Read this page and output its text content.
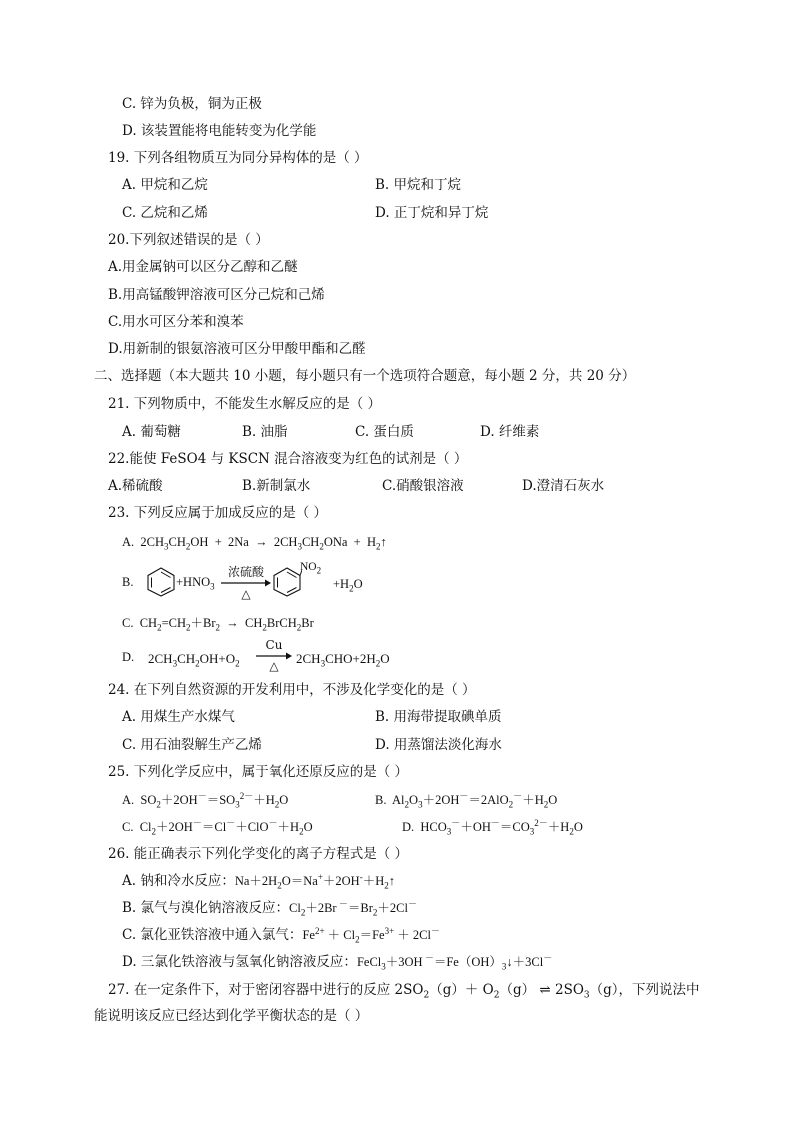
C. 锌为负极，铜为正极
D. 该装置能将电能转变为化学能
19. 下列各组物质互为同分异构体的是（ ）
A. 甲烷和乙烷	B. 甲烷和丁烷
C. 乙烷和乙烯	D. 正丁烷和异丁烷
20.下列叙述错误的是（ ）
A.用金属钠可以区分乙醇和乙醚
B.用高锰酸钾溶液可区分己烷和己烯
C.用水可区分苯和溴苯
D.用新制的银氨溶液可区分甲酸甲酯和乙醛
二、选择题（本大题共 10 小题，每小题只有一个选项符合题意，每小题 2 分，共 20 分）
21. 下列物质中，不能发生水解反应的是（ ）
A. 葡萄糖	B. 油脂	C. 蛋白质	D. 纤维素
22.能使 FeSO4 与 KSCN 混合溶液变为红色的试剂是（ ）
A.稀硫酸	B.新制氯水	C.硝酸银溶液	D.澄清石灰水
23. 下列反应属于加成反应的是（ ）
A.  $2CH_3CH_2OH + 2Na \to 2CH_3CH_2ONa$  +  $H_2↑$
B.	$+HNO_3$
浓硫酸
△
$NO_2$
$+H_2O$
C.  $CH_2=CH_2+Br_2$  →  $CH_2BrCH_2Br$
D. $2CH_3CH_2OH+O_2$
Cu
△	$2CH_3CHO+2H_2O$
24. 在下列自然资源的开发利用中，不涉及化学变化的是（ ）
A. 用煤生产水煤气	B. 用海带提取碘单质
C. 用石油裂解生产乙烯	D. 用蒸馏法淡化海水
25. 下列化学反应中，属于氧化还原反应的是（ ）
A.  $SO_2+2OH^-=SO_3^{2-}+H_2O$	B.  $Al_2O_3+2OH^-=2AlO_2^-+H_2O$
C.  $Cl_2+2OH^-=Cl^-+ClO^-+H_2O$	D.  $HCO_3^-+OH^-=CO_3^{2-}+H_2O$
26. 能正确表示下列化学变化的离子方程式是（ ）
A. 钠和冷水反应：$Na+2H_2O=Na^++2OH^-+H_2↑$
B. 氯气与溴化钠溶液反应：$Cl_2+2Br$ $^-=Br_2+2Cl^-$
C. 氯化亚铁溶液中通入氯气：$Fe^{2+} + Cl_2=Fe^{3+} + 2Cl^-$
D. 三氯化铁溶液与氢氧化钠溶液反应：FeCl$_3$＋3OH $^-=Fe(OH)_3↓+3Cl^-$
27. 在一定条件下，对于密闭容器中进行的反应 $2SO_2(g)+ O_2(g)$ ⇌ $2SO_3(g)$，下列说法中
能说明该反应已经达到化学平衡状态的是（ ）
